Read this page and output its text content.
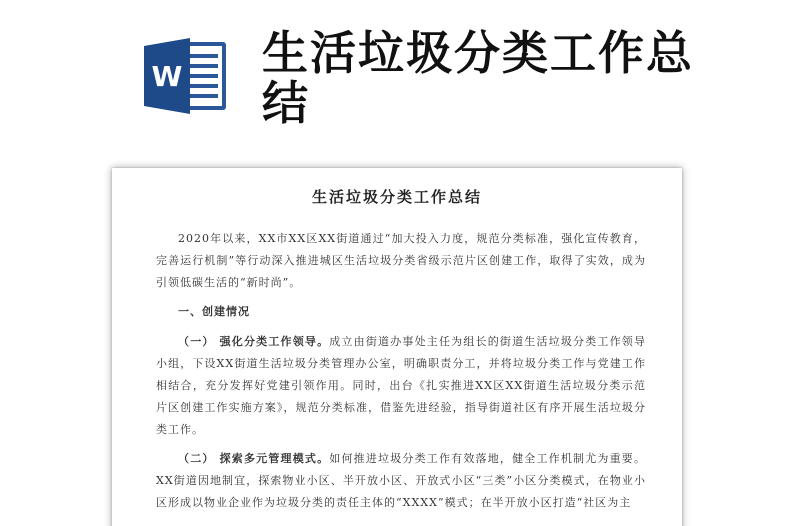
W 生活垃圾分类工作总结
生活垃圾分类工作总结

2020年以来，XX市XX区XX街道通过“加大投入力度，规范分类标准，强化宣传教育，完善运行机制”等行动深入推进城区生活垃圾分类省级示范片区创建工作，取得了实效，成为引领低碳生活的“新时尚”。

一、创建情况

（一） 强化分类工作领导。成立由街道办事处主任为组长的街道生活垃圾分类工作领导小组，下设XX街道生活垃圾分类管理办公室，明确职责分工，并将垃圾分类工作与党建工作相结合，充分发挥好党建引领作用。同时，出台《扎实推进XX区XX街道生活垃圾分类示范片区创建工作实施方案》，规范分类标准，借鉴先进经验，指导街道社区有序开展生活垃圾分类工作。

（二） 探索多元管理模式。如何推进垃圾分类工作有效落地，健全工作机制尤为重要。XX街道因地制宜，探索物业小区、半开放小区、开放式小区“三类”小区分类模式，在物业小区形成以物业企业作为垃圾分类的责任主体的“XXXX”模式；在半开放小区打造“社区为主
